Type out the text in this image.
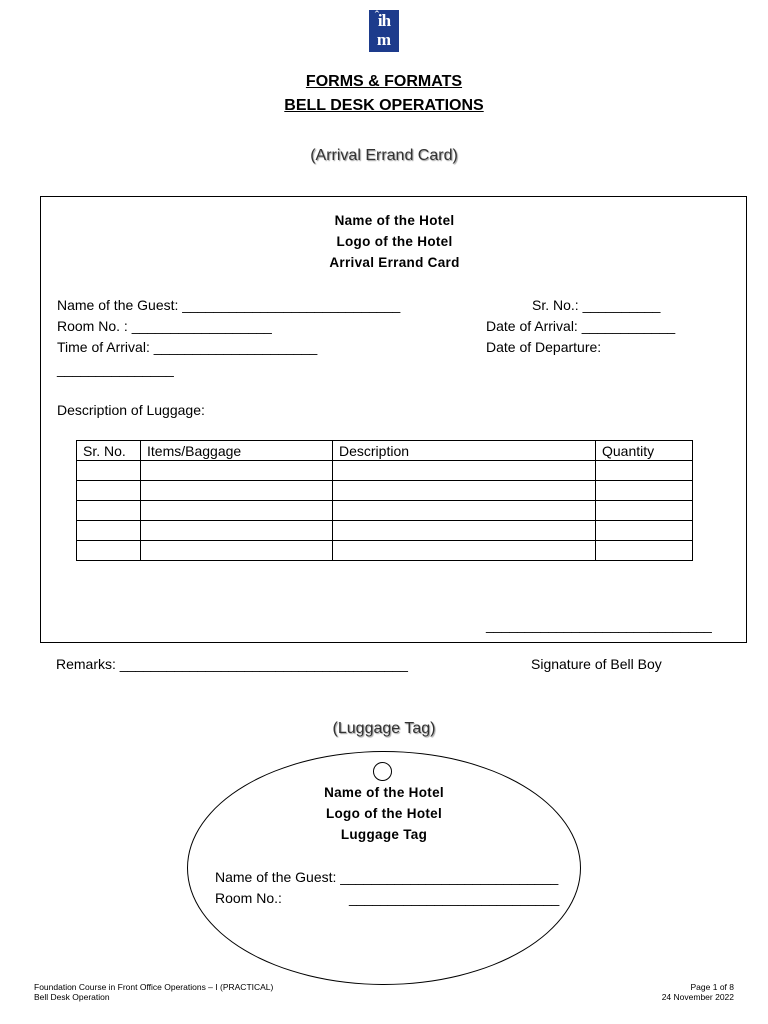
^
ih
m
FORMS & FORMATS
BELL DESK OPERATIONS
(Arrival Errand Card)
Name of the Hotel
Logo of the Hotel
Arrival Errand Card
Name of the Guest: ____________________________	Sr. No.: __________
Room No. : __________________	Date of Arrival: ____________
Time of Arrival: _____________________	Date of Departure:
_______________
Description of Luggage:
Sr. No.	Items/Baggage	Description	Quantity

_____________________________
Remarks: _____________________________________	Signature of Bell Boy
(Luggage Tag)
Name of the Hotel
Logo of the Hotel
Luggage Tag
Name of the Guest: ____________________________
Room No.:	___________________________
Foundation Course in Front Office Operations – I (PRACTICAL)
Bell Desk Operation
Page 1 of 8
24 November 2022
